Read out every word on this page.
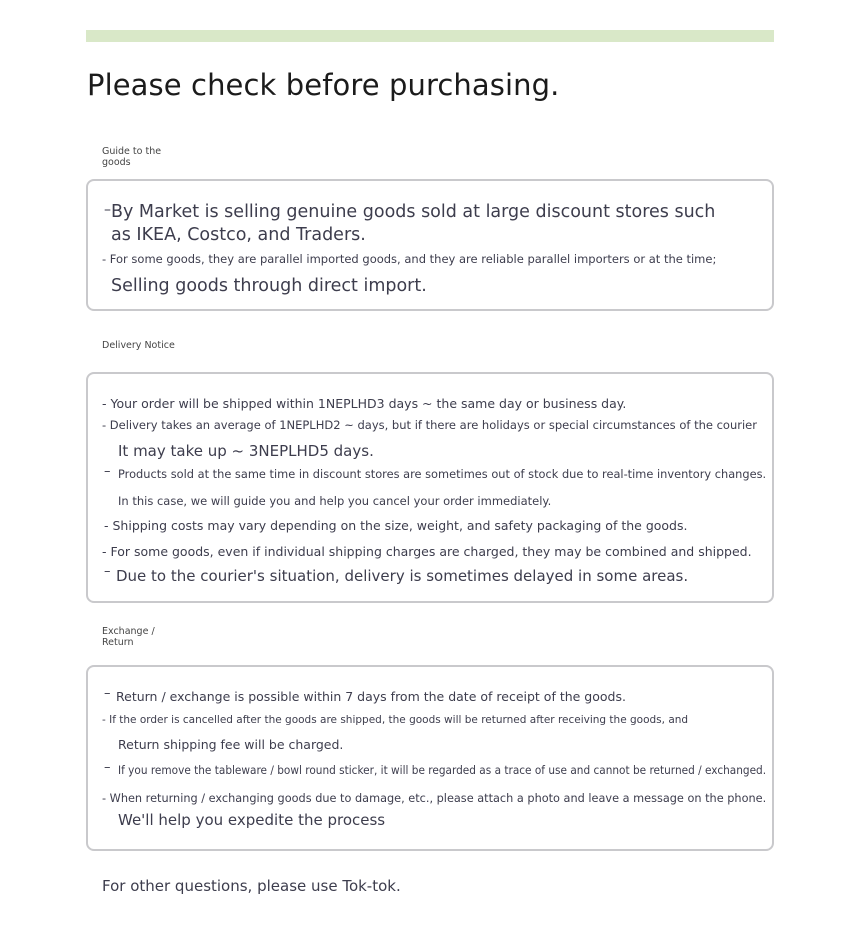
Please check before purchasing.
Guide to the goods
– By Market is selling genuine goods sold at large discount stores such
as IKEA, Costco, and Traders.
- For some goods, they are parallel imported goods, and they are reliable parallel importers or at the time;
Selling goods through direct import.
Delivery Notice
- Your order will be shipped within 1NEPLHD3 days ~ the same day or business day.
- Delivery takes an average of 1NEPLHD2 ~ days, but if there are holidays or special circumstances of the courier
It may take up ~ 3NEPLHD5 days.
– Products sold at the same time in discount stores are sometimes out of stock due to real-time inventory changes.
In this case, we will guide you and help you cancel your order immediately.
- Shipping costs may vary depending on the size, weight, and safety packaging of the goods.
- For some goods, even if individual shipping charges are charged, they may be combined and shipped.
– Due to the courier's situation, delivery is sometimes delayed in some areas.
Exchange / Return
– Return / exchange is possible within 7 days from the date of receipt of the goods.
- If the order is cancelled after the goods are shipped, the goods will be returned after receiving the goods, and
Return shipping fee will be charged.
– If you remove the tableware / bowl round sticker, it will be regarded as a trace of use and cannot be returned / exchanged.
- When returning / exchanging goods due to damage, etc., please attach a photo and leave a message on the phone.
We'll help you expedite the process
For other questions, please use Tok-tok.
